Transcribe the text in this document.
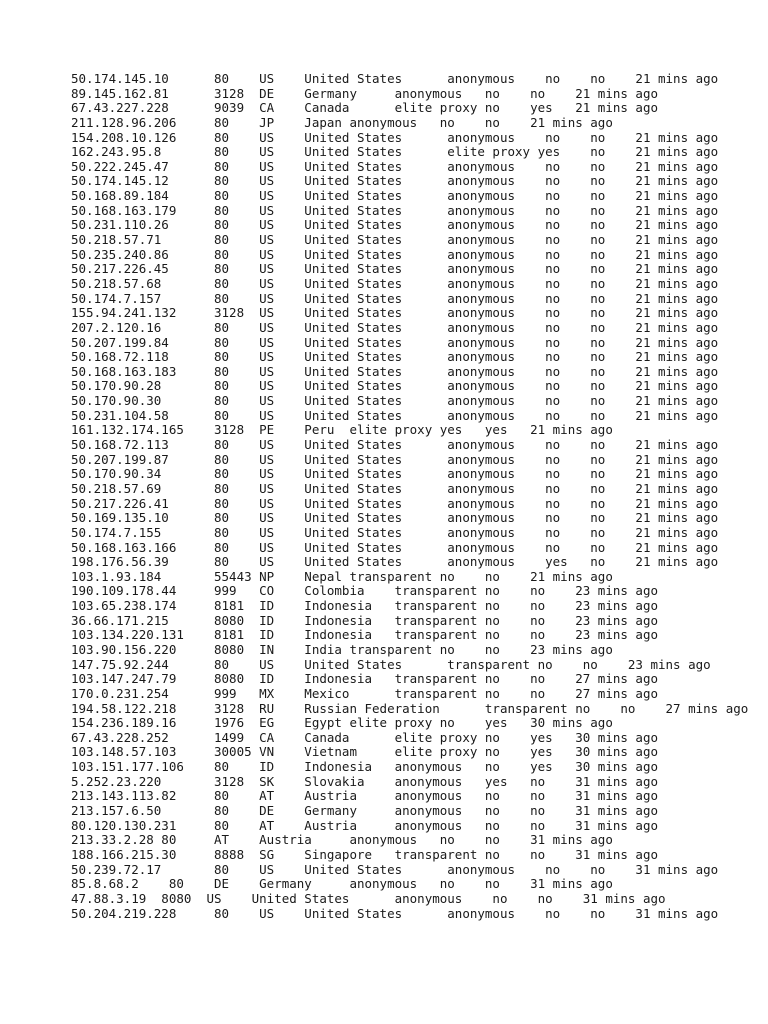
50.174.145.10      80    US    United States      anonymous    no    no    21 mins ago
89.145.162.81      3128  DE    Germany     anonymous   no    no    21 mins ago
67.43.227.228      9039  CA    Canada      elite proxy no    yes   21 mins ago
211.128.96.206     80    JP    Japan anonymous   no    no    21 mins ago
154.208.10.126     80    US    United States      anonymous    no    no    21 mins ago
162.243.95.8       80    US    United States      elite proxy yes    no    21 mins ago
50.222.245.47      80    US    United States      anonymous    no    no    21 mins ago
50.174.145.12      80    US    United States      anonymous    no    no    21 mins ago
50.168.89.184      80    US    United States      anonymous    no    no    21 mins ago
50.168.163.179     80    US    United States      anonymous    no    no    21 mins ago
50.231.110.26      80    US    United States      anonymous    no    no    21 mins ago
50.218.57.71       80    US    United States      anonymous    no    no    21 mins ago
50.235.240.86      80    US    United States      anonymous    no    no    21 mins ago
50.217.226.45      80    US    United States      anonymous    no    no    21 mins ago
50.218.57.68       80    US    United States      anonymous    no    no    21 mins ago
50.174.7.157       80    US    United States      anonymous    no    no    21 mins ago
155.94.241.132     3128  US    United States      anonymous    no    no    21 mins ago
207.2.120.16       80    US    United States      anonymous    no    no    21 mins ago
50.207.199.84      80    US    United States      anonymous    no    no    21 mins ago
50.168.72.118      80    US    United States      anonymous    no    no    21 mins ago
50.168.163.183     80    US    United States      anonymous    no    no    21 mins ago
50.170.90.28       80    US    United States      anonymous    no    no    21 mins ago
50.170.90.30       80    US    United States      anonymous    no    no    21 mins ago
50.231.104.58      80    US    United States      anonymous    no    no    21 mins ago
161.132.174.165    3128  PE    Peru  elite proxy yes   yes   21 mins ago
50.168.72.113      80    US    United States      anonymous    no    no    21 mins ago
50.207.199.87      80    US    United States      anonymous    no    no    21 mins ago
50.170.90.34       80    US    United States      anonymous    no    no    21 mins ago
50.218.57.69       80    US    United States      anonymous    no    no    21 mins ago
50.217.226.41      80    US    United States      anonymous    no    no    21 mins ago
50.169.135.10      80    US    United States      anonymous    no    no    21 mins ago
50.174.7.155       80    US    United States      anonymous    no    no    21 mins ago
50.168.163.166     80    US    United States      anonymous    no    no    21 mins ago
198.176.56.39      80    US    United States      anonymous    yes   no    21 mins ago
103.1.93.184       55443 NP    Nepal transparent no    no    21 mins ago
190.109.178.44     999   CO    Colombia    transparent no    no    23 mins ago
103.65.238.174     8181  ID    Indonesia   transparent no    no    23 mins ago
36.66.171.215      8080  ID    Indonesia   transparent no    no    23 mins ago
103.134.220.131    8181  ID    Indonesia   transparent no    no    23 mins ago
103.90.156.220     8080  IN    India transparent no    no    23 mins ago
147.75.92.244      80    US    United States      transparent no    no    23 mins ago
103.147.247.79     8080  ID    Indonesia   transparent no    no    27 mins ago
170.0.231.254      999   MX    Mexico      transparent no    no    27 mins ago
194.58.122.218     3128  RU    Russian Federation      transparent no    no    27 mins ago
154.236.189.16     1976  EG    Egypt elite proxy no    yes   30 mins ago
67.43.228.252      1499  CA    Canada      elite proxy no    yes   30 mins ago
103.148.57.103     30005 VN    Vietnam     elite proxy no    yes   30 mins ago
103.151.177.106    80    ID    Indonesia   anonymous   no    yes   30 mins ago
5.252.23.220       3128  SK    Slovakia    anonymous   yes   no    31 mins ago
213.143.113.82     80    AT    Austria     anonymous   no    no    31 mins ago
213.157.6.50       80    DE    Germany     anonymous   no    no    31 mins ago
80.120.130.231     80    AT    Austria     anonymous   no    no    31 mins ago
213.33.2.28 80     AT    Austria     anonymous   no    no    31 mins ago
188.166.215.30     8888  SG    Singapore   transparent no    no    31 mins ago
50.239.72.17       80    US    United States      anonymous    no    no    31 mins ago
85.8.68.2    80    DE    Germany     anonymous   no    no    31 mins ago
47.88.3.19  8080  US    United States      anonymous    no    no    31 mins ago
50.204.219.228     80    US    United States      anonymous    no    no    31 mins ago
